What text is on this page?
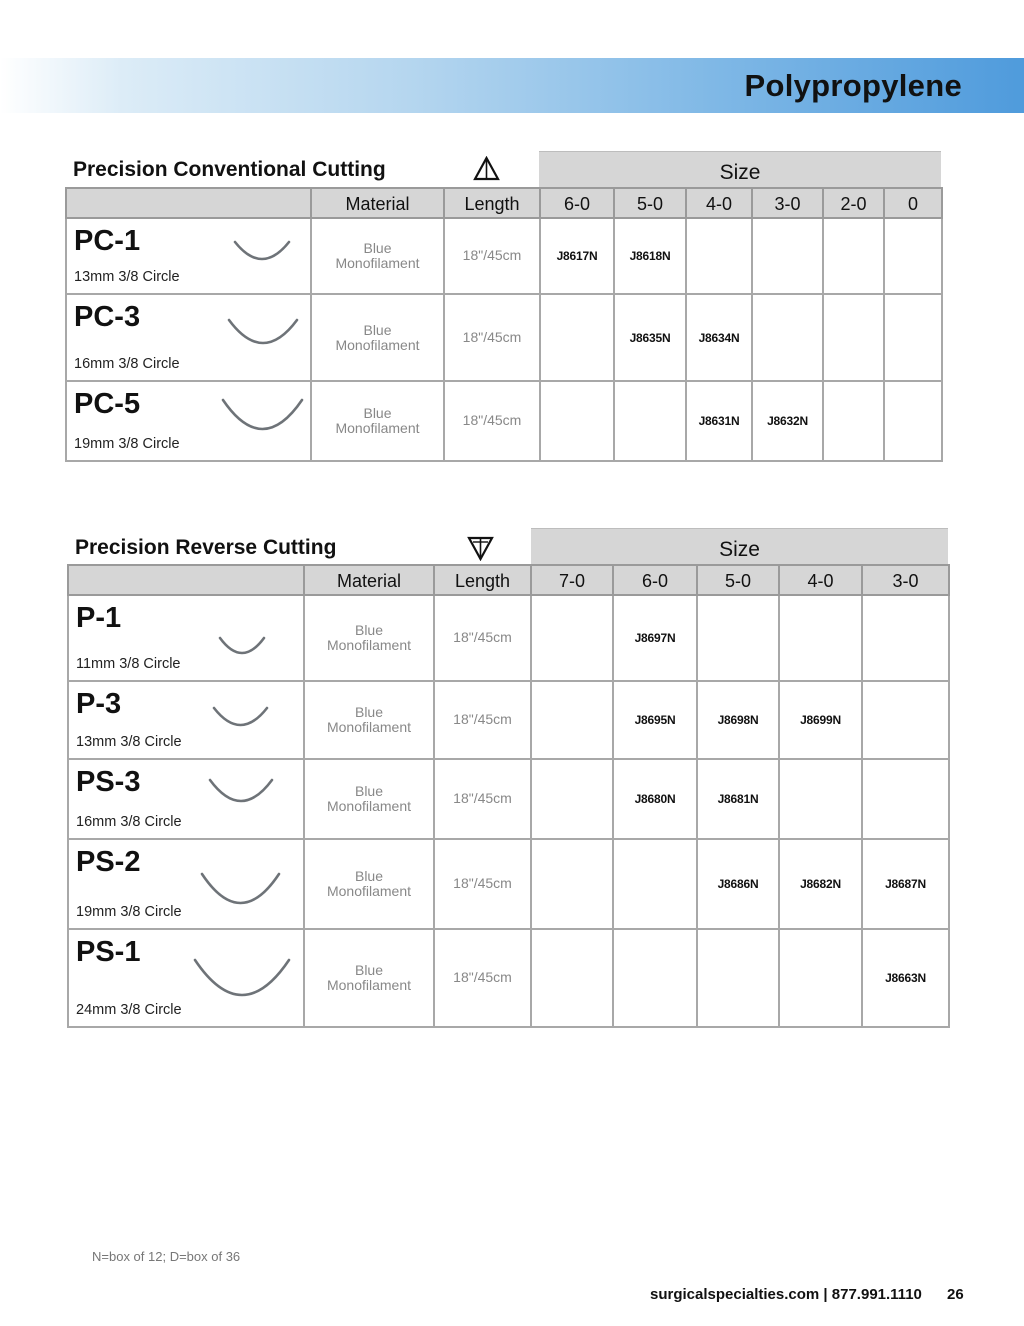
Polypropylene
Precision Conventional Cutting	Size
	Material	Length	6-0	5-0	4-0	3-0	2-0	0

PC-1
13mm 3/8 Circle	Blue Monofilament	18"/45cm	J8617N	J8618N				

PC-3
16mm 3/8 Circle	Blue Monofilament	18"/45cm		J8635N	J8634N			

PC-5
19mm 3/8 Circle	Blue Monofilament	18"/45cm			J8631N	J8632N		
Precision Reverse Cutting	Size
	Material	Length	7-0	6-0	5-0	4-0	3-0

P-1
11mm 3/8 Circle	Blue Monofilament	18"/45cm		J8697N			

P-3
13mm 3/8 Circle	Blue Monofilament	18"/45cm		J8695N	J8698N	J8699N	

PS-3
16mm 3/8 Circle	Blue Monofilament	18"/45cm		J8680N	J8681N		

PS-2
19mm 3/8 Circle	Blue Monofilament	18"/45cm			J8686N	J8682N	J8687N

PS-1
24mm 3/8 Circle	Blue Monofilament	18"/45cm					J8663N
N=box of 12; D=box of 36
surgicalspecialties.com | 877.991.1110 26
